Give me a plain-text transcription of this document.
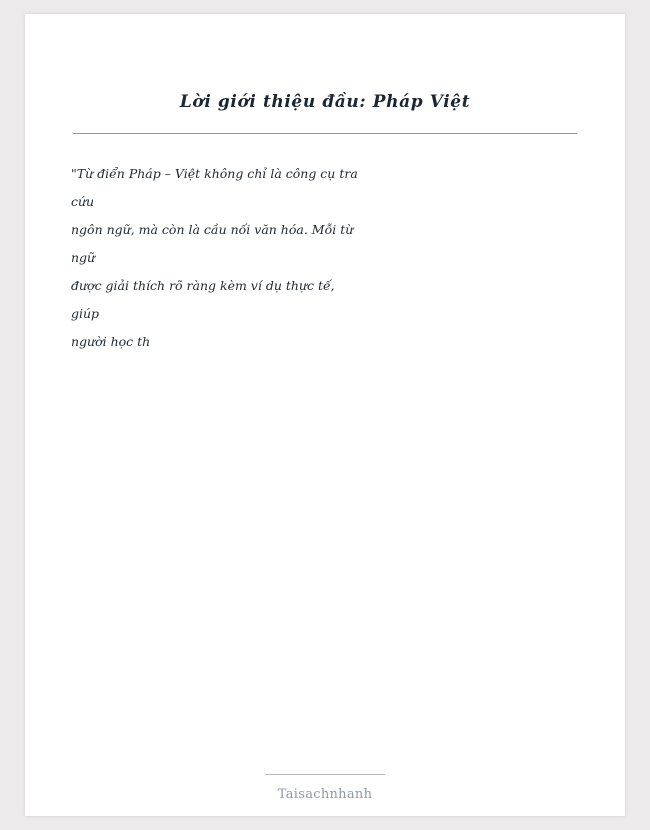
Lời giới thiệu đầu: Pháp Việt
"Từ điển Pháp – Việt không chỉ là công cụ tra
cứu
ngôn ngữ, mà còn là cầu nối văn hóa. Mỗi từ
ngữ
được giải thích rõ ràng kèm ví dụ thực tế,
giúp
người học th
Taisachnhanh
